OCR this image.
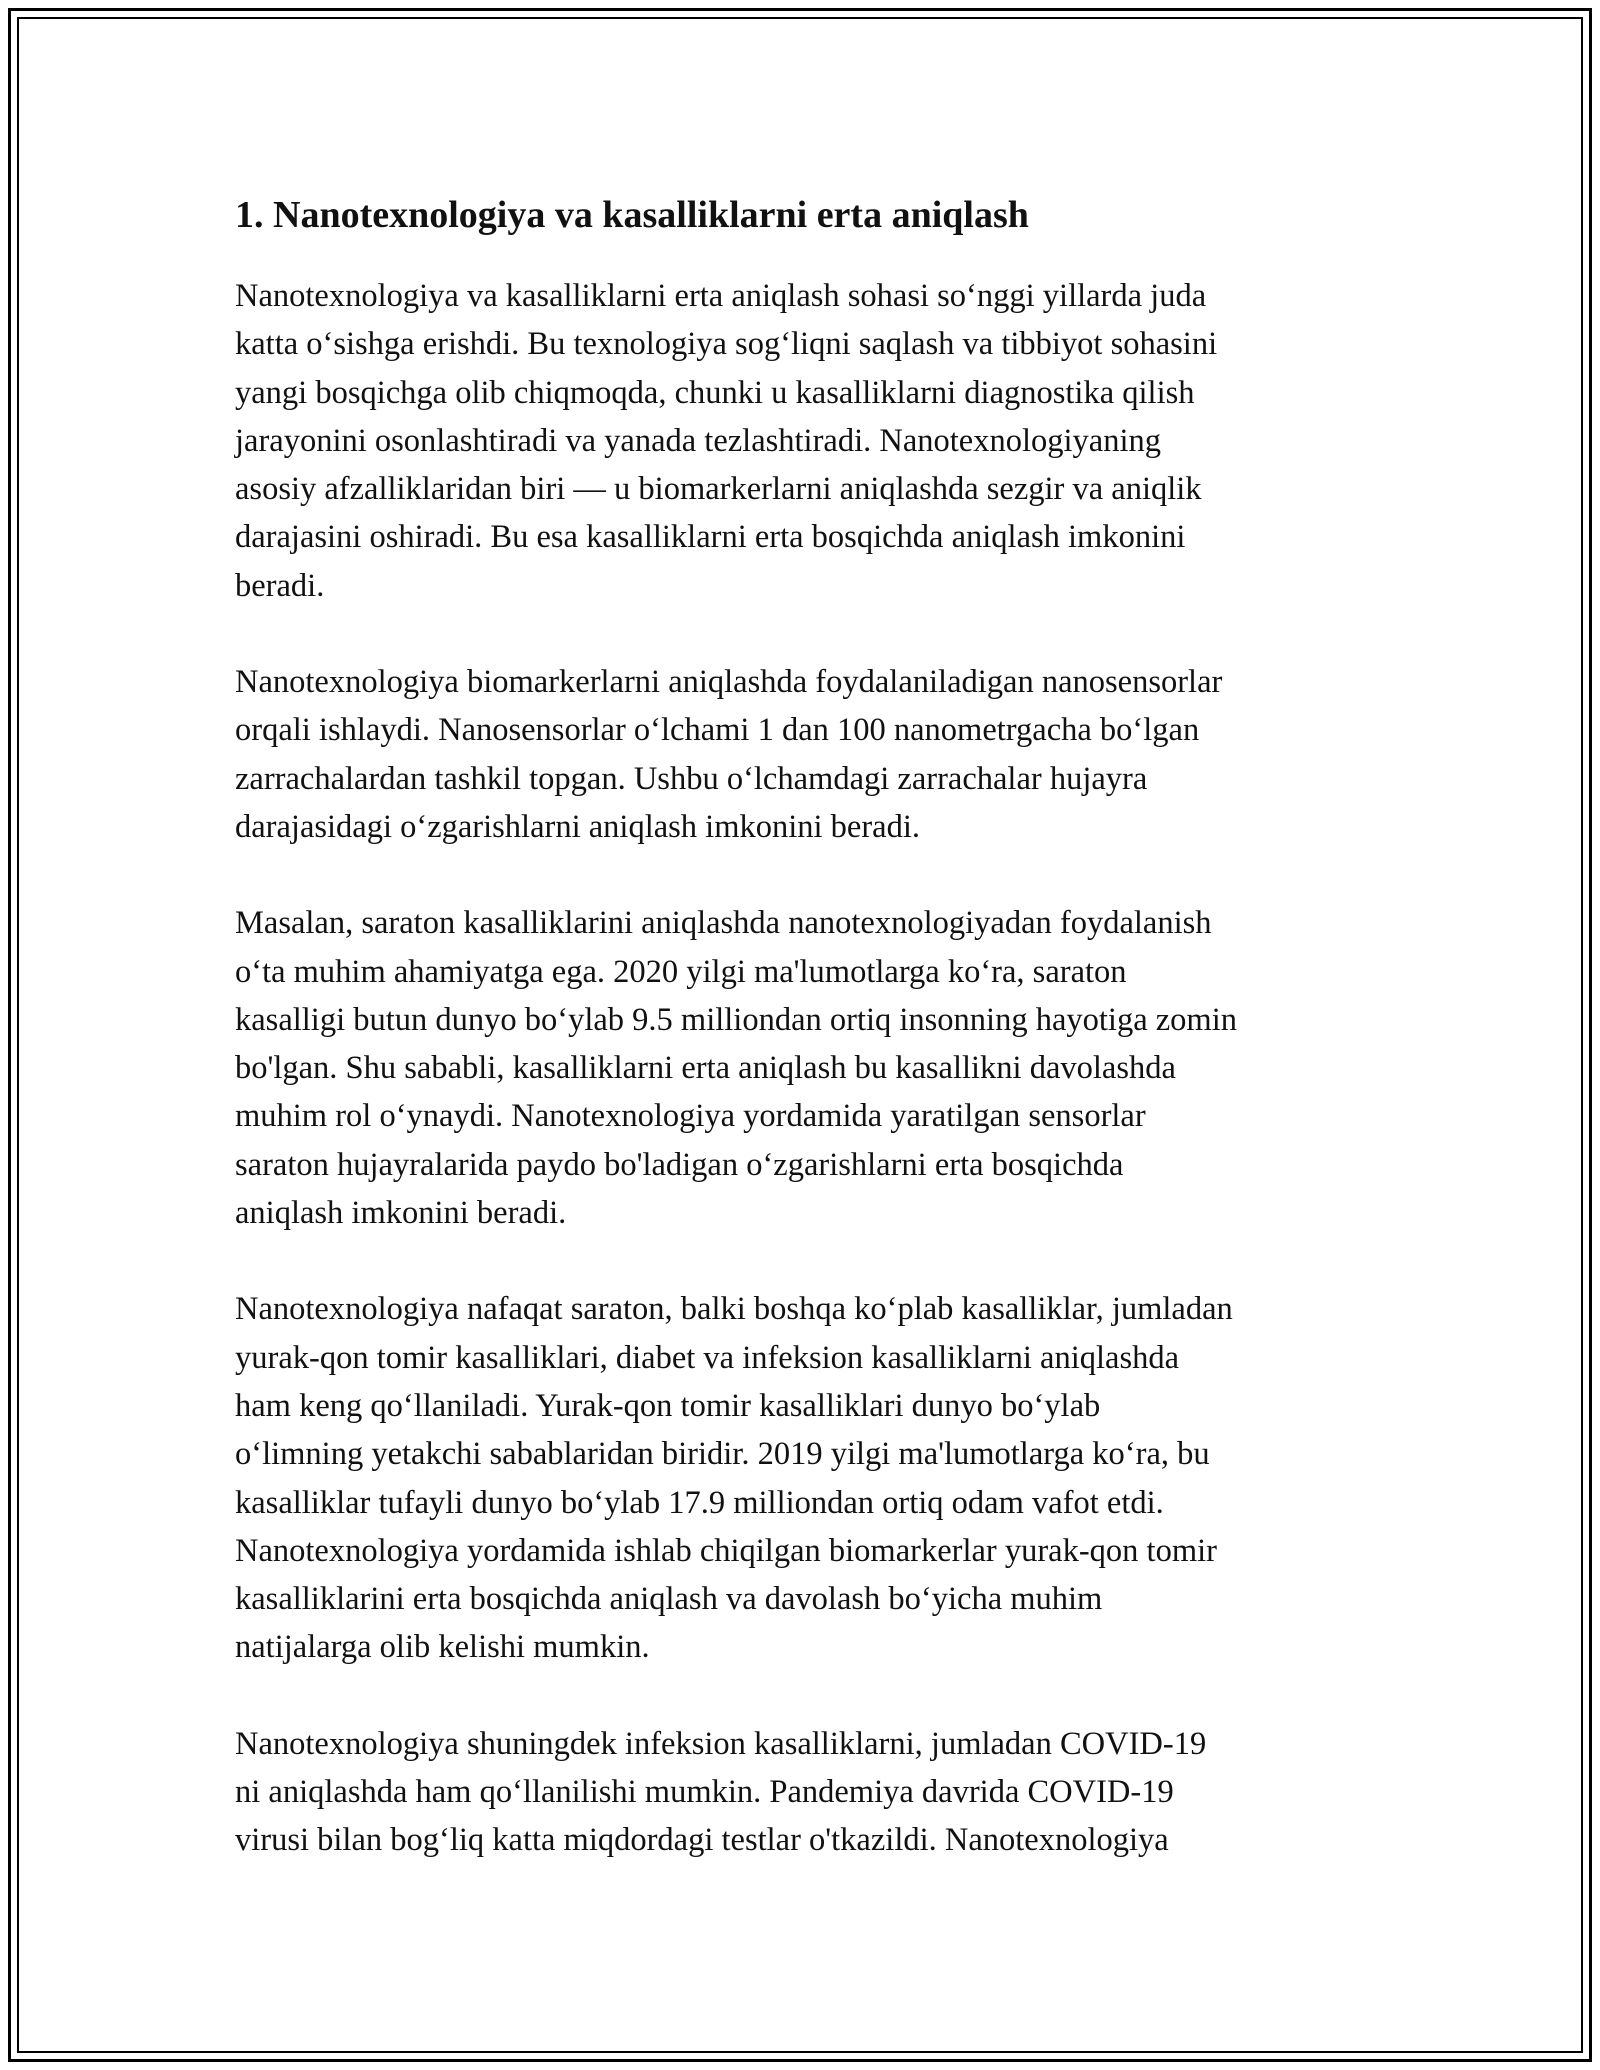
1. Nanotexnologiya va kasalliklarni erta aniqlash

Nanotexnologiya va kasalliklarni erta aniqlash sohasi so‘nggi yillarda juda
katta o‘sishga erishdi. Bu texnologiya sog‘liqni saqlash va tibbiyot sohasini
yangi bosqichga olib chiqmoqda, chunki u kasalliklarni diagnostika qilish
jarayonini osonlashtiradi va yanada tezlashtiradi. Nanotexnologiyaning
asosiy afzalliklaridan biri — u biomarkerlarni aniqlashda sezgir va aniqlik
darajasini oshiradi. Bu esa kasalliklarni erta bosqichda aniqlash imkonini
beradi.

Nanotexnologiya biomarkerlarni aniqlashda foydalaniladigan nanosensorlar
orqali ishlaydi. Nanosensorlar o‘lchami 1 dan 100 nanometrgacha bo‘lgan
zarrachalardan tashkil topgan. Ushbu o‘lchamdagi zarrachalar hujayra
darajasidagi o‘zgarishlarni aniqlash imkonini beradi.

Masalan, saraton kasalliklarini aniqlashda nanotexnologiyadan foydalanish
o‘ta muhim ahamiyatga ega. 2020 yilgi ma'lumotlarga ko‘ra, saraton
kasalligi butun dunyo bo‘ylab 9.5 milliondan ortiq insonning hayotiga zomin
bo'lgan. Shu sababli, kasalliklarni erta aniqlash bu kasallikni davolashda
muhim rol o‘ynaydi. Nanotexnologiya yordamida yaratilgan sensorlar
saraton hujayralarida paydo bo'ladigan o‘zgarishlarni erta bosqichda
aniqlash imkonini beradi.

Nanotexnologiya nafaqat saraton, balki boshqa ko‘plab kasalliklar, jumladan
yurak-qon tomir kasalliklari, diabet va infeksion kasalliklarni aniqlashda
ham keng qo‘llaniladi. Yurak-qon tomir kasalliklari dunyo bo‘ylab
o‘limning yetakchi sabablaridan biridir. 2019 yilgi ma'lumotlarga ko‘ra, bu
kasalliklar tufayli dunyo bo‘ylab 17.9 milliondan ortiq odam vafot etdi.
Nanotexnologiya yordamida ishlab chiqilgan biomarkerlar yurak-qon tomir
kasalliklarini erta bosqichda aniqlash va davolash bo‘yicha muhim
natijalarga olib kelishi mumkin.

Nanotexnologiya shuningdek infeksion kasalliklarni, jumladan COVID-19
ni aniqlashda ham qo‘llanilishi mumkin. Pandemiya davrida COVID-19
virusi bilan bog‘liq katta miqdordagi testlar o'tkazildi. Nanotexnologiya
